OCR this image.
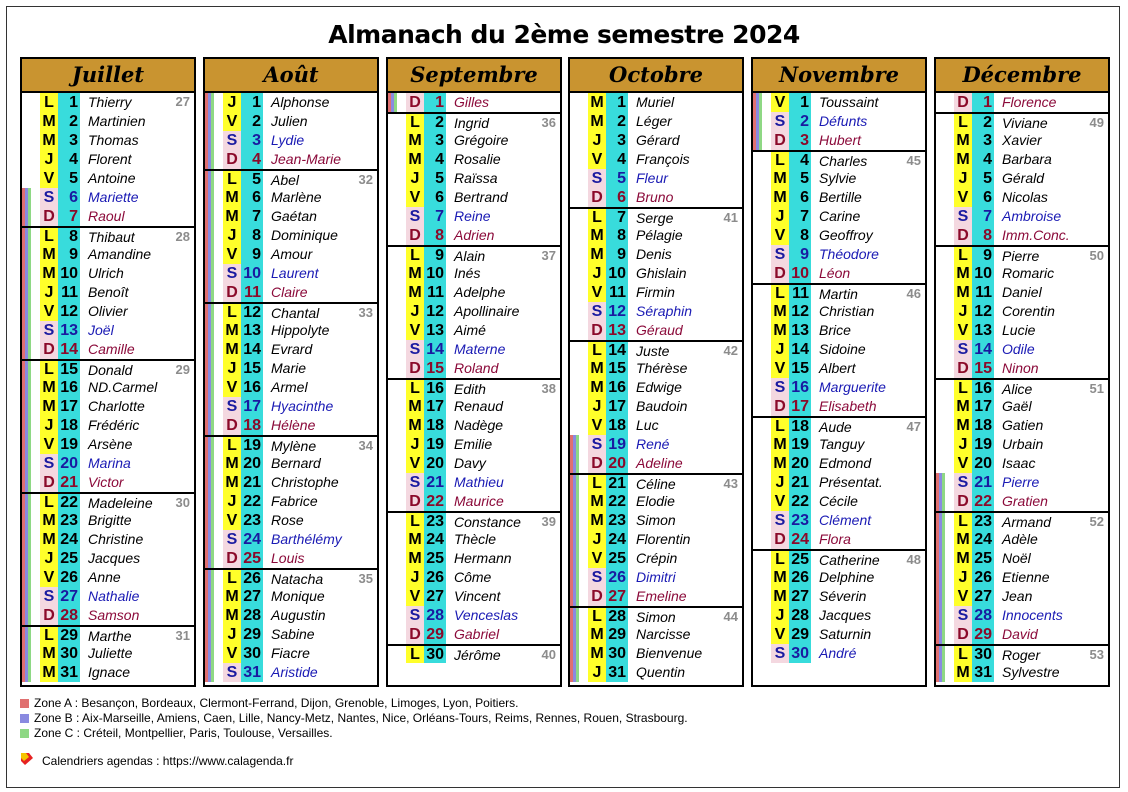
Almanach du 2ème semestre 2024
Juillet
L 1 Thierry	27
M 2 Martinien
M 3 Thomas
J 4 Florent
V 5 Antoine
S 6 Mariette
D 7 Raoul
L 8 Thibaut	28
M 9 Amandine
M 10 Ulrich
J 11 Benoît
V 12 Olivier
S 13 Joël
D 14 Camille
L 15 Donald	29
M 16 ND.Carmel
M 17 Charlotte
J 18 Frédéric
V 19 Arsène
S 20 Marina
D 21 Victor
L 22 Madeleine 30
M 23 Brigitte
M 24 Christine
J 25 Jacques
V 26 Anne
S 27 Nathalie
D 28 Samson
L 29 Marthe	31
M 30 Juliette
M 31 Ignace
Août
J 1 Alphonse
V 2 Julien
S 3 Lydie
D 4 Jean-Marie
L 5 Abel	32
M 6 Marlène
M 7 Gaétan
J 8 Dominique
V 9 Amour
S 10 Laurent
D 11 Claire
L 12 Chantal	33
M 13 Hippolyte
M 14 Evrard
J 15 Marie
V 16 Armel
S 17 Hyacinthe
D 18 Hélène
L 19 Mylène	34
M 20 Bernard
M 21 Christophe
J 22 Fabrice
V 23 Rose
S 24 Barthélémy
D 25 Louis
L 26 Natacha	35
M 27 Monique
M 28 Augustin
J 29 Sabine
V 30 Fiacre
S 31 Aristide
Septembre
D 1 Gilles
L 2 Ingrid	36
M 3 Grégoire
M 4 Rosalie
J 5 Raïssa
V 6 Bertrand
S 7 Reine
D 8 Adrien
L 9 Alain	37
M 10 Inés
M 11 Adelphe
J 12 Apollinaire
V 13 Aimé
S 14 Materne
D 15 Roland
L 16 Edith	38
M 17 Renaud
M 18 Nadège
J 19 Emilie
V 20 Davy
S 21 Mathieu
D 22 Maurice
L 23 Constance 39
M 24 Thècle
M 25 Hermann
J 26 Côme
V 27 Vincent
S 28 Venceslas
D 29 Gabriel
L 30 Jérôme	40
Octobre
M 1 Muriel
M 2 Léger
J 3 Gérard
V 4 François
S 5 Fleur
D 6 Bruno
L 7 Serge	41
M 8 Pélagie
M 9 Denis
J 10 Ghislain
V 11 Firmin
S 12 Séraphin
D 13 Géraud
L 14 Juste	42
M 15 Thérèse
M 16 Edwige
J 17 Baudoin
V 18 Luc
S 19 René
D 20 Adeline
L 21 Céline	43
M 22 Elodie
M 23 Simon
J 24 Florentin
V 25 Crépin
S 26 Dimitri
D 27 Emeline
L 28 Simon	44
M 29 Narcisse
M 30 Bienvenue
J 31 Quentin
Novembre
V 1 Toussaint
S 2 Défunts
D 3 Hubert
L 4 Charles	45
M 5 Sylvie
M 6 Bertille
J 7 Carine
V 8 Geoffroy
S 9 Théodore
D 10 Léon
L 11 Martin	46
M 12 Christian
M 13 Brice
J 14 Sidoine
V 15 Albert
S 16 Marguerite
D 17 Elisabeth
L 18 Aude	47
M 19 Tanguy
M 20 Edmond
J 21 Présentat.
V 22 Cécile
S 23 Clément
D 24 Flora
L 25 Catherine 48
M 26 Delphine
M 27 Séverin
J 28 Jacques
V 29 Saturnin
S 30 André
Décembre
D 1 Florence
L 2 Viviane	49
M 3 Xavier
M 4 Barbara
J 5 Gérald
V 6 Nicolas
S 7 Ambroise
D 8 Imm.Conc.
L 9 Pierre	50
M 10 Romaric
M 11 Daniel
J 12 Corentin
V 13 Lucie
S 14 Odile
D 15 Ninon
L 16 Alice	51
M 17 Gaël
M 18 Gatien
J 19 Urbain
V 20 Isaac
S 21 Pierre
D 22 Gratien
L 23 Armand	52
M 24 Adèle
M 25 Noël
J 26 Etienne
V 27 Jean
S 28 Innocents
D 29 David
L 30 Roger	53
M 31 Sylvestre
Zone A : Besançon, Bordeaux, Clermont-Ferrand, Dijon, Grenoble, Limoges, Lyon, Poitiers.
Zone B : Aix-Marseille, Amiens, Caen, Lille, Nancy-Metz, Nantes, Nice, Orléans-Tours, Reims, Rennes, Rouen, Strasbourg.
Zone C : Créteil, Montpellier, Paris, Toulouse, Versailles.
Calendriers agendas : https://www.calagenda.fr
